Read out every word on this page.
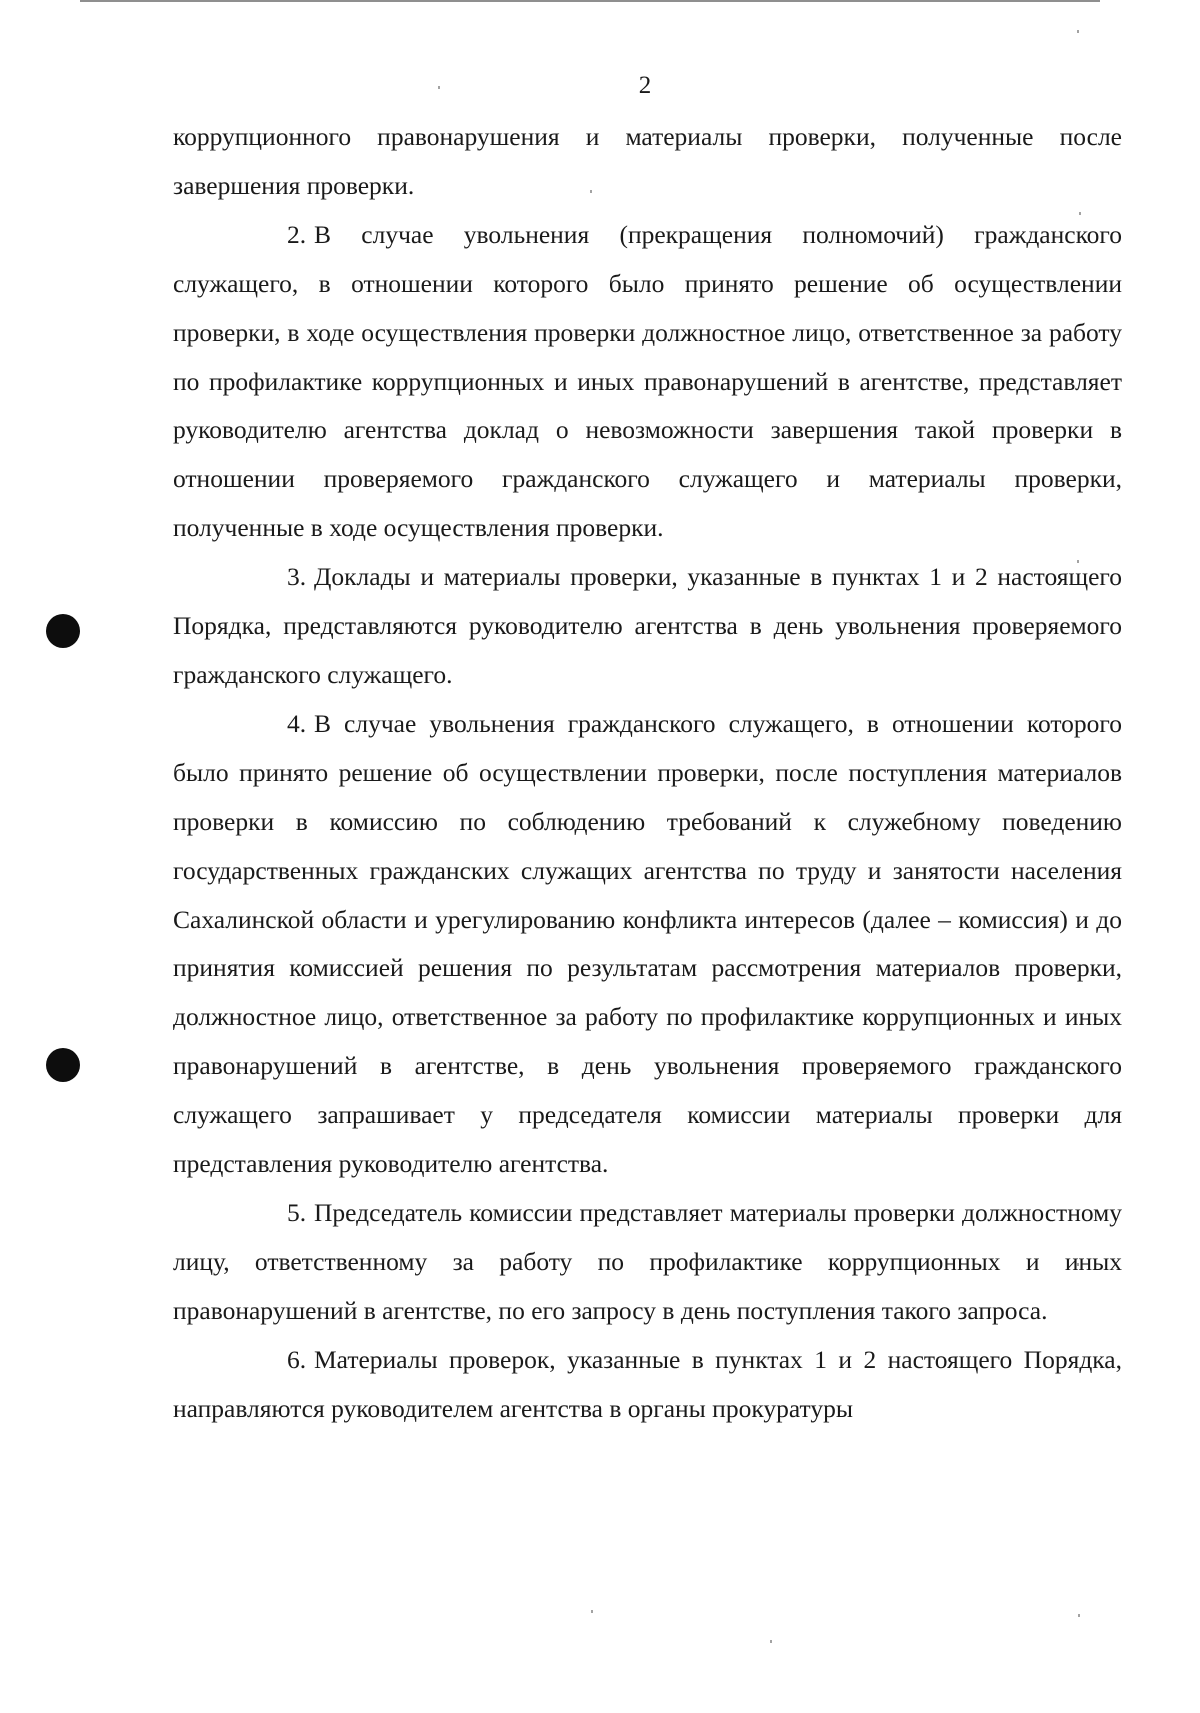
2

коррупционного правонарушения и материалы проверки, полученные после завершения проверки.

2. В случае увольнения (прекращения полномочий) гражданского служащего, в отношении которого было принято решение об осуществлении проверки, в ходе осуществления проверки должностное лицо, ответственное за работу по профилактике коррупционных и иных правонарушений в агентстве, представляет руководителю агентства доклад о невозможности завершения такой проверки в отношении проверяемого гражданского служащего и материалы проверки, полученные в ходе осуществления проверки.

3. Доклады и материалы проверки, указанные в пунктах 1 и 2 настоящего Порядка, представляются руководителю агентства в день увольнения проверяемого гражданского служащего.

4. В случае увольнения гражданского служащего, в отношении которого было принято решение об осуществлении проверки, после поступления материалов проверки в комиссию по соблюдению требований к служебному поведению государственных гражданских служащих агентства по труду и занятости населения Сахалинской области и урегулированию конфликта интересов (далее – комиссия) и до принятия комиссией решения по результатам рассмотрения материалов проверки, должностное лицо, ответственное за работу по профилактике коррупционных и иных правонарушений в агентстве, в день увольнения проверяемого гражданского служащего запрашивает у председателя комиссии материалы проверки для представления руководителю агентства.

5. Председатель комиссии представляет материалы проверки должностному лицу, ответственному за работу по профилактике коррупционных и иных правонарушений в агентстве, по его запросу в день поступления такого запроса.

6. Материалы проверок, указанные в пунктах 1 и 2 настоящего Порядка, направляются руководителем агентства в органы прокуратуры
